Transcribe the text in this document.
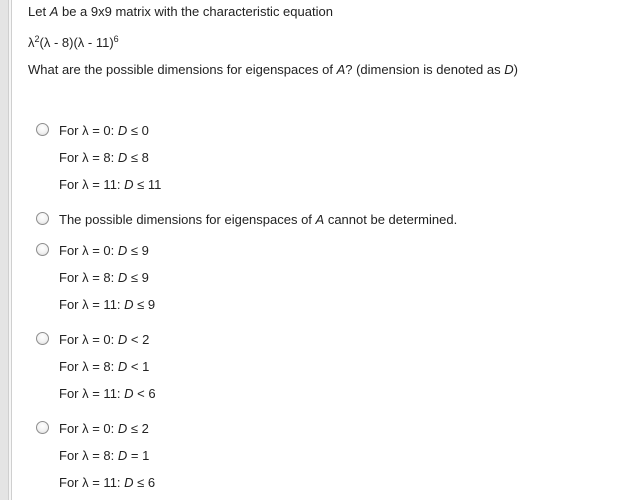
Let A be a 9x9 matrix with the characteristic equation
$\lambda^2(\lambda - 8)(\lambda - 11)^6$
What are the possible dimensions for eigenspaces of A? (dimension is denoted as D)
For λ = 0: D ≤ 0
For λ = 8: D ≤ 8
For λ = 11: D ≤ 11
The possible dimensions for eigenspaces of A cannot be determined.
For λ = 0: D ≤ 9
For λ = 8: D ≤ 9
For λ = 11: D ≤ 9
For λ = 0: D < 2
For λ = 8: D < 1
For λ = 11: D < 6
For λ = 0: D ≤ 2
For λ = 8: D = 1
For λ = 11: D ≤ 6
